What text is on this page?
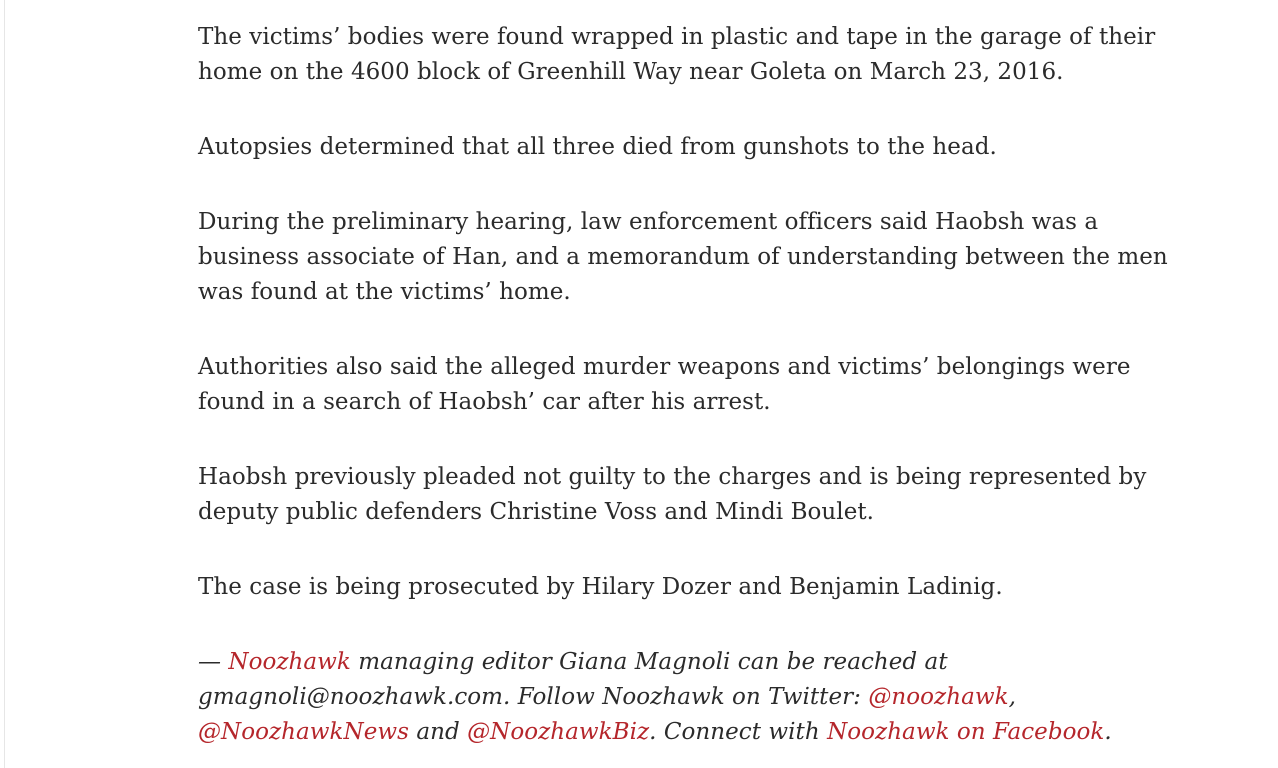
The victims’ bodies were found wrapped in plastic and tape in the garage of their home on the 4600 block of Greenhill Way near Goleta on March 23, 2016.

Autopsies determined that all three died from gunshots to the head.

During the preliminary hearing, law enforcement officers said Haobsh was a business associate of Han, and a memorandum of understanding between the men was found at the victims’ home.

Authorities also said the alleged murder weapons and victims’ belongings were found in a search of Haobsh’ car after his arrest.

Haobsh previously pleaded not guilty to the charges and is being represented by deputy public defenders Christine Voss and Mindi Boulet.

The case is being prosecuted by Hilary Dozer and Benjamin Ladinig.

— Noozhawk managing editor Giana Magnoli can be reached at gmagnoli@noozhawk.com. Follow Noozhawk on Twitter: @noozhawk, @NoozhawkNews and @NoozhawkBiz. Connect with Noozhawk on Facebook.
